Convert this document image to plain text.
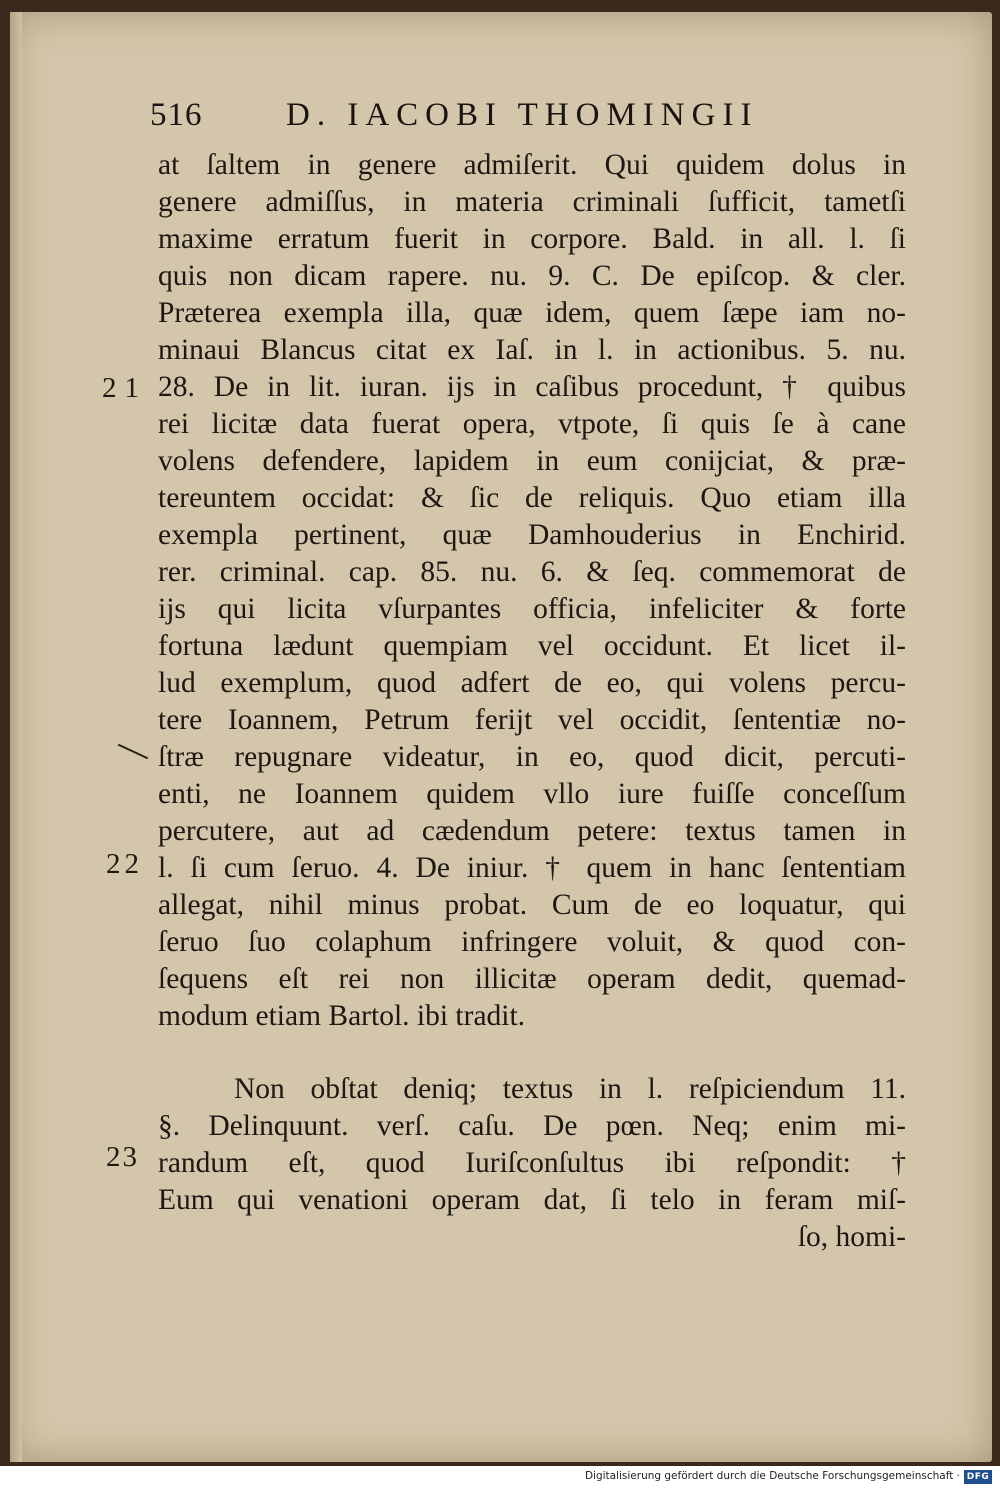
516	D. IACOBI THOMINGII
21
22
23
at ſaltem in genere admiſerit. Qui quidem dolus in
genere admiſſus, in materia criminali ſufficit, tametſi
maxime erratum fuerit in corpore. Bald. in all. l. ſi
quis non dicam rapere. nu. 9. C. De epiſcop. & cler.
Præterea exempla illa, quæ idem, quem ſæpe iam no-
minaui Blancus citat ex Iaſ. in l. in actionibus. 5. nu.
28. De in lit. iuran. ijs in caſibus procedunt, † quibus
rei licitæ data fuerat opera, vtpote, ſi quis ſe à cane
volens defendere, lapidem in eum conijciat, & præ-
tereuntem occidat: & ſic de reliquis. Quo etiam illa
exempla pertinent, quæ Damhouderius in Enchirid.
rer. criminal. cap. 85. nu. 6. & ſeq. commemorat de
ijs qui licita vſurpantes officia, infeliciter & forte
fortuna lædunt quempiam vel occidunt. Et licet il-
lud exemplum, quod adfert de eo, qui volens percu-
tere Ioannem, Petrum ferijt vel occidit, ſententiæ no-
ſtræ repugnare videatur, in eo, quod dicit, percuti-
enti, ne Ioannem quidem vllo iure fuiſſe conceſſum
percutere, aut ad cædendum petere: textus tamen in
l. ſi cum ſeruo. 4. De iniur. † quem in hanc ſententiam
allegat, nihil minus probat. Cum de eo loquatur, qui
ſeruo ſuo colaphum infringere voluit, & quod con-
ſequens eſt rei non illicitæ operam dedit, quemad-
modum etiam Bartol. ibi tradit.
Non obſtat deniq; textus in l. reſpiciendum 11.
§. Delinquunt. verſ. caſu. De pœn. Neq; enim mi-
randum eſt, quod Iuriſconſultus ibi reſpondit: †
Eum qui venationi operam dat, ſi telo in feram miſ-
ſo, homi-
Digitalisierung gefördert durch die Deutsche Forschungsgemeinschaft · DFG
